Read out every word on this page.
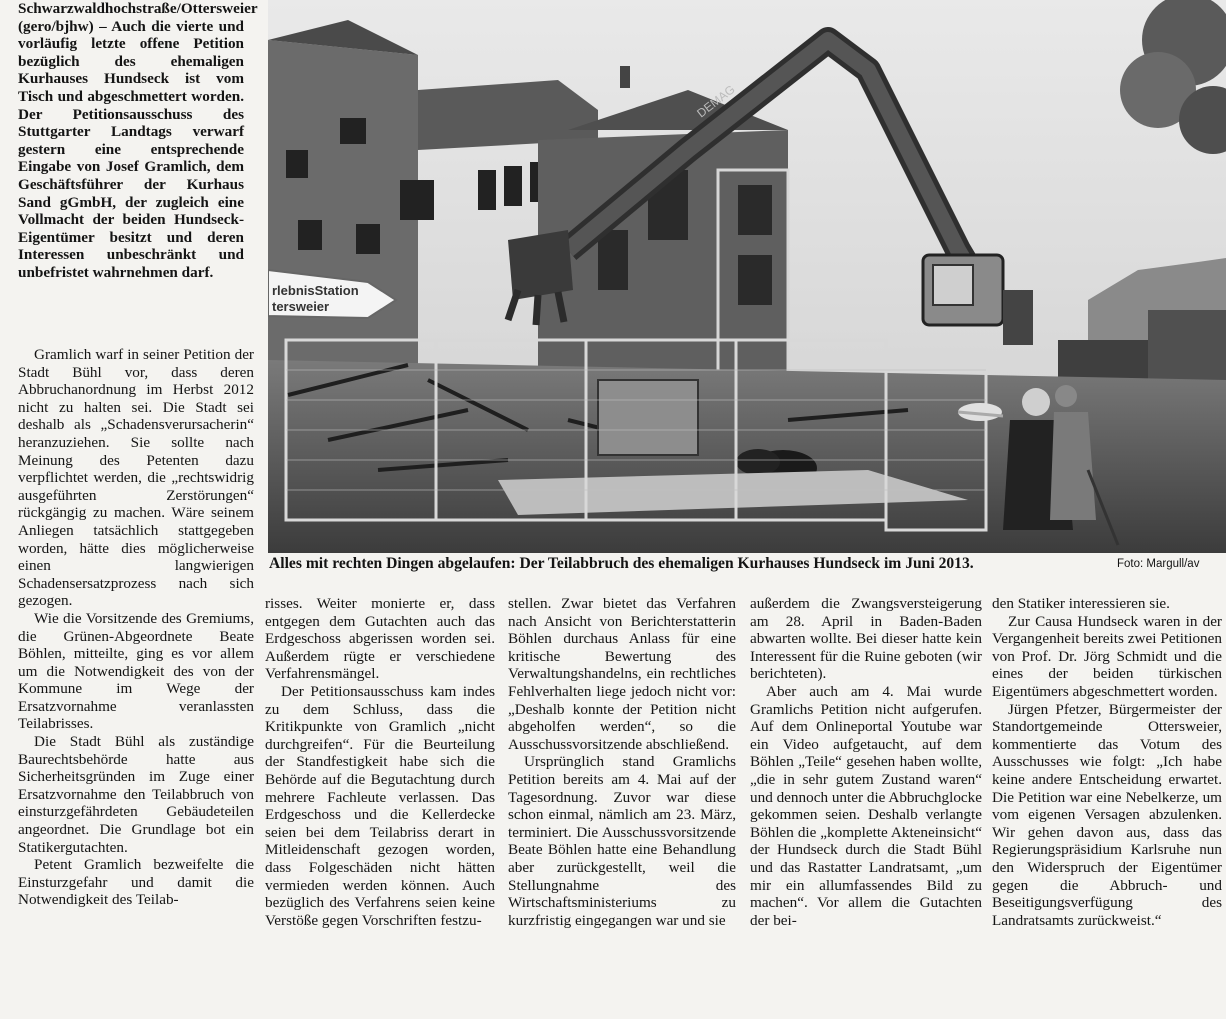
Schwarzwaldhochstraße/Ottersweier (gero/bjhw) – Auch die vierte und vorläufig letzte offene Petition bezüglich des ehemaligen Kurhauses Hundseck ist vom Tisch und abgeschmettert worden. Der Petitionsausschuss des Stuttgarter Landtags verwarf gestern eine entsprechende Eingabe von Josef Gramlich, dem Geschäftsführer der Kurhaus Sand gGmbH, der zugleich eine Vollmacht der beiden Hundseck-Eigentümer besitzt und deren Interessen unbeschränkt und unbefristet wahrnehmen darf.

Gramlich warf in seiner Petition der Stadt Bühl vor, dass deren Abbruchanordnung im Herbst 2012 nicht zu halten sei. Die Stadt sei deshalb als „Schadensverursacherin“ heranzuziehen. Sie sollte nach Meinung des Petenten dazu verpflichtet werden, die „rechtswidrig ausgeführten Zerstörungen“ rückgängig zu machen. Wäre seinem Anliegen tatsächlich stattgegeben worden, hätte dies möglicherweise einen langwierigen Schadensersatzprozess nach sich gezogen.

Wie die Vorsitzende des Gremiums, die Grünen-Abgeordnete Beate Böhlen, mitteilte, ging es vor allem um die Notwendigkeit des von der Kommune im Wege der Ersatzvornahme veranlassten Teilabrisses.

Die Stadt Bühl als zuständige Baurechtsbehörde hatte aus Sicherheitsgründen im Zuge einer Ersatzvornahme den Teilabbruch von einsturzgefährdeten Gebäudeteilen angeordnet. Die Grundlage bot ein Statikergutachten.

Petent Gramlich bezweifelte die Einsturzgefahr und damit die Notwendigkeit des Teilab-

DEMAG
rlebnisStation
tersweier
Alles mit rechten Dingen abgelaufen: Der Teilabbruch des ehemaligen Kurhauses Hundseck im Juni 2013.	Foto: Margull/av

risses. Weiter monierte er, dass entgegen dem Gutachten auch das Erdgeschoss abgerissen worden sei. Außerdem rügte er verschiedene Verfahrensmängel.

Der Petitionsausschuss kam indes zu dem Schluss, dass die Kritikpunkte von Gramlich „nicht durchgreifen“. Für die Beurteilung der Standfestigkeit habe sich die Behörde auf die Begutachtung durch mehrere Fachleute verlassen. Das Erdgeschoss und die Kellerdecke seien bei dem Teilabriss derart in Mitleidenschaft gezogen worden, dass Folgeschäden nicht hätten vermieden werden können. Auch bezüglich des Verfahrens seien keine Verstöße gegen Vorschriften festzu-

stellen. Zwar bietet das Verfahren nach Ansicht von Berichterstatterin Böhlen durchaus Anlass für eine kritische Bewertung des Verwaltungshandelns, ein rechtliches Fehlverhalten liege jedoch nicht vor: „Deshalb konnte der Petition nicht abgeholfen werden“, so die Ausschussvorsitzende abschließend.

Ursprünglich stand Gramlichs Petition bereits am 4. Mai auf der Tagesordnung. Zuvor war diese schon einmal, nämlich am 23. März, terminiert. Die Ausschussvorsitzende Beate Böhlen hatte eine Behandlung aber zurückgestellt, weil die Stellungnahme des Wirtschaftsministeriums zu kurzfristig eingegangen war und sie

außerdem die Zwangsversteigerung am 28. April in Baden-Baden abwarten wollte. Bei dieser hatte kein Interessent für die Ruine geboten (wir berichteten).

Aber auch am 4. Mai wurde Gramlichs Petition nicht aufgerufen. Auf dem Onlineportal Youtube war ein Video aufgetaucht, auf dem Böhlen „Teile“ gesehen haben wollte, „die in sehr gutem Zustand waren“ und dennoch unter die Abbruchglocke gekommen seien. Deshalb verlangte Böhlen die „komplette Akteneinsicht“ der Hundseck durch die Stadt Bühl und das Rastatter Landratsamt, „um mir ein allumfassendes Bild zu machen“. Vor allem die Gutachten der bei-

den Statiker interessieren sie.

Zur Causa Hundseck waren in der Vergangenheit bereits zwei Petitionen von Prof. Dr. Jörg Schmidt und die eines der beiden türkischen Eigentümers abgeschmettert worden.

Jürgen Pfetzer, Bürgermeister der Standortgemeinde Ottersweier, kommentierte das Votum des Ausschusses wie folgt: „Ich habe keine andere Entscheidung erwartet. Die Petition war eine Nebelkerze, um vom eigenen Versagen abzulenken. Wir gehen davon aus, dass das Regierungspräsidium Karlsruhe nun den Widerspruch der Eigentümer gegen die Abbruch- und Beseitigungsverfügung des Landratsamts zurückweist.“
